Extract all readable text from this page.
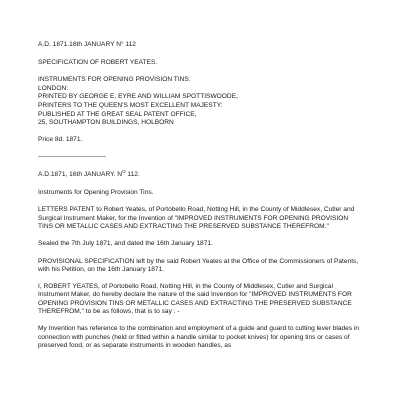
A.D. 1871.16th JANUARY N° 112
SPECIFICATION OF ROBERT YEATES.
INSTRUMENTS FOR OPENING PROVISION TINS.
LONDON:
PRINTED BY GEORGE E. EYRE AND WILLIAM SPOTTISWOODE,
PRINTERS TO THE QUEEN'S MOST EXCELLENT MAJESTY:
PUBLISHED AT THE GREAT SEAL PATENT OFFICE,
25, SOUTHAMPTON BUILDINGS, HOLBORN
Price 8d. 1871.
----------------------------------
A.D.1871, 16th JANUARY. $N^O$ 112.
Instruments for Opening Provision Tins.

LETTERS PATENT to Robert Yeates, of Portobello Road, Notting Hill, in the County of Middlesex, Cutler and Surgical Instrument Maker, for the Invention of "IMPROVED INSTRUMENTS FOR OPENING PROVISION TINS OR METALLIC CASES AND EXTRACTING THE PRESERVED SUBSTANCE THEREFROM."

Sealed the 7th July 1871, and dated the 16th January 1871.

PROVISIONAL SPECIFICATION left by the said Robert Yeates at the Office of the Commissioners of Patents, with his Petition, on the 16th January 1871.

I, ROBERT YEATES, of Portobello Road, Notting Hill, in the County of Middlesex, Cutler and Surgical Instrument Maker, do hereby declare the nature of the said Invention for "IMPROVED INSTRUMENTS FOR OPENING PROVISION TINS OR METALLIC CASES AND EXTRACTING THE PRESERVED SUBSTANCE THEREFROM," to be as follows, that is to say : -

My Invention has reference to the combination and employment of a guide and guard to cutting lever blades in connection with punches (held or fitted within a handle similar to pocket knives) for opening tins or cases of preserved food, or as separate instruments in wooden handles, as
